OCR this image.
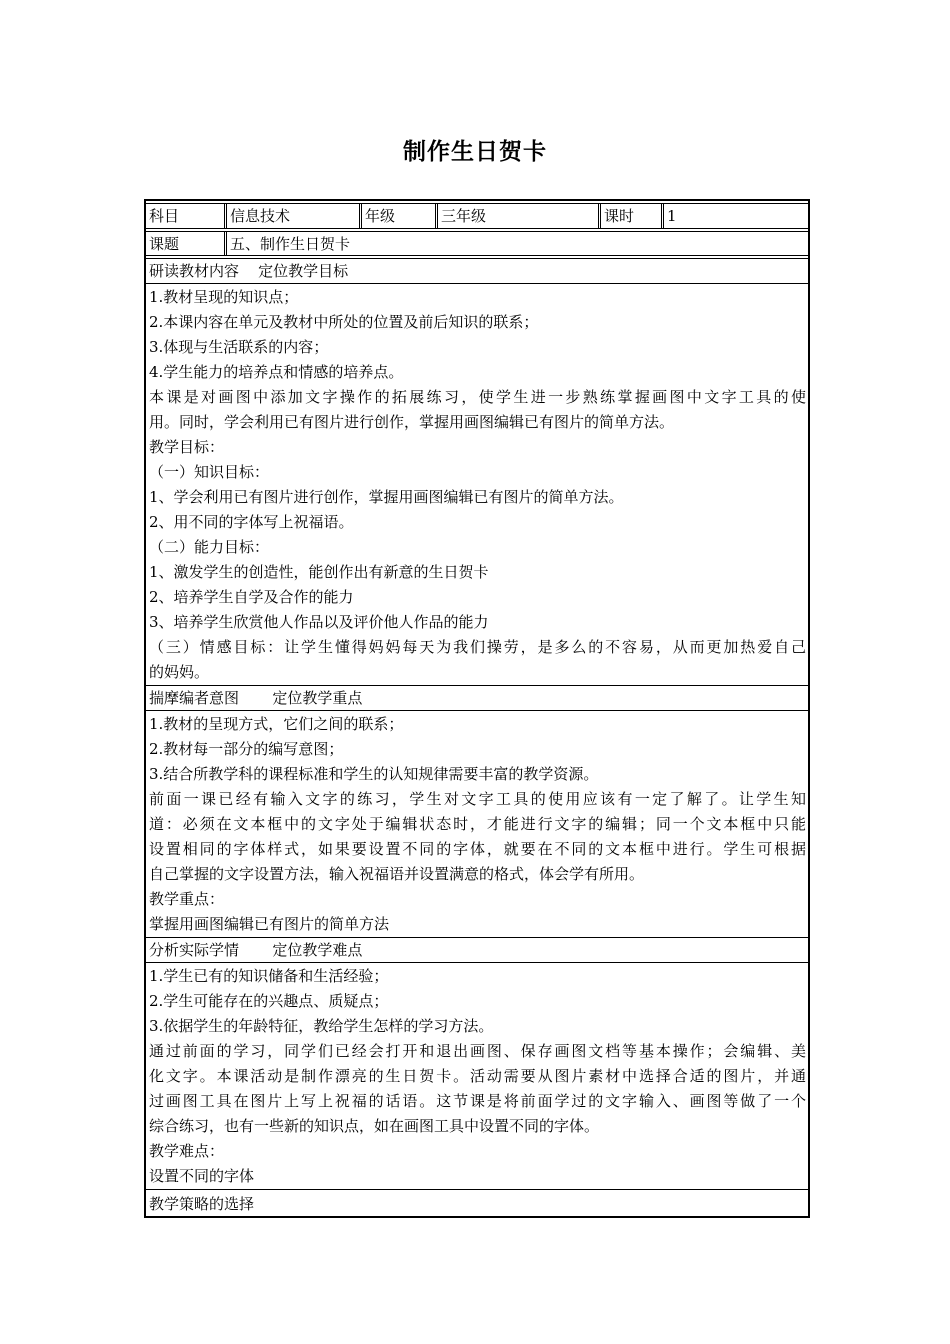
制作生日贺卡
科目	信息技术	年级	三年级	课时	1
课题	五、制作生日贺卡
研读教材内容    定位教学目标
1.教材呈现的知识点；
2.本课内容在单元及教材中所处的位置及前后知识的联系；
3.体现与生活联系的内容；
4.学生能力的培养点和情感的培养点。
本课是对画图中添加文字操作的拓展练习，使学生进一步熟练掌握画图中文字工具的使
用。同时，学会利用已有图片进行创作，掌握用画图编辑已有图片的简单方法。
教学目标：
（一）知识目标：
1、学会利用已有图片进行创作，掌握用画图编辑已有图片的简单方法。
2、用不同的字体写上祝福语。
（二）能力目标：
1、激发学生的创造性，能创作出有新意的生日贺卡
2、培养学生自学及合作的能力
3、培养学生欣赏他人作品以及评价他人作品的能力
（三）情感目标：让学生懂得妈妈每天为我们操劳，是多么的不容易，从而更加热爱自己
的妈妈。
揣摩编者意图       定位教学重点
1.教材的呈现方式，它们之间的联系；
2.教材每一部分的编写意图；
3.结合所教学科的课程标准和学生的认知规律需要丰富的教学资源。
前面一课已经有输入文字的练习，学生对文字工具的使用应该有一定了解了。让学生知
道：必须在文本框中的文字处于编辑状态时，才能进行文字的编辑；同一个文本框中只能
设置相同的字体样式，如果要设置不同的字体，就要在不同的文本框中进行。学生可根据
自己掌握的文字设置方法，输入祝福语并设置满意的格式，体会学有所用。
教学重点：
掌握用画图编辑已有图片的简单方法
分析实际学情       定位教学难点
1.学生已有的知识储备和生活经验；
2.学生可能存在的兴趣点、质疑点；
3.依据学生的年龄特征，教给学生怎样的学习方法。
通过前面的学习，同学们已经会打开和退出画图、保存画图文档等基本操作；会编辑、美
化文字。本课活动是制作漂亮的生日贺卡。活动需要从图片素材中选择合适的图片，并通
过画图工具在图片上写上祝福的话语。这节课是将前面学过的文字输入、画图等做了一个
综合练习，也有一些新的知识点，如在画图工具中设置不同的字体。
教学难点：
设置不同的字体
教学策略的选择
